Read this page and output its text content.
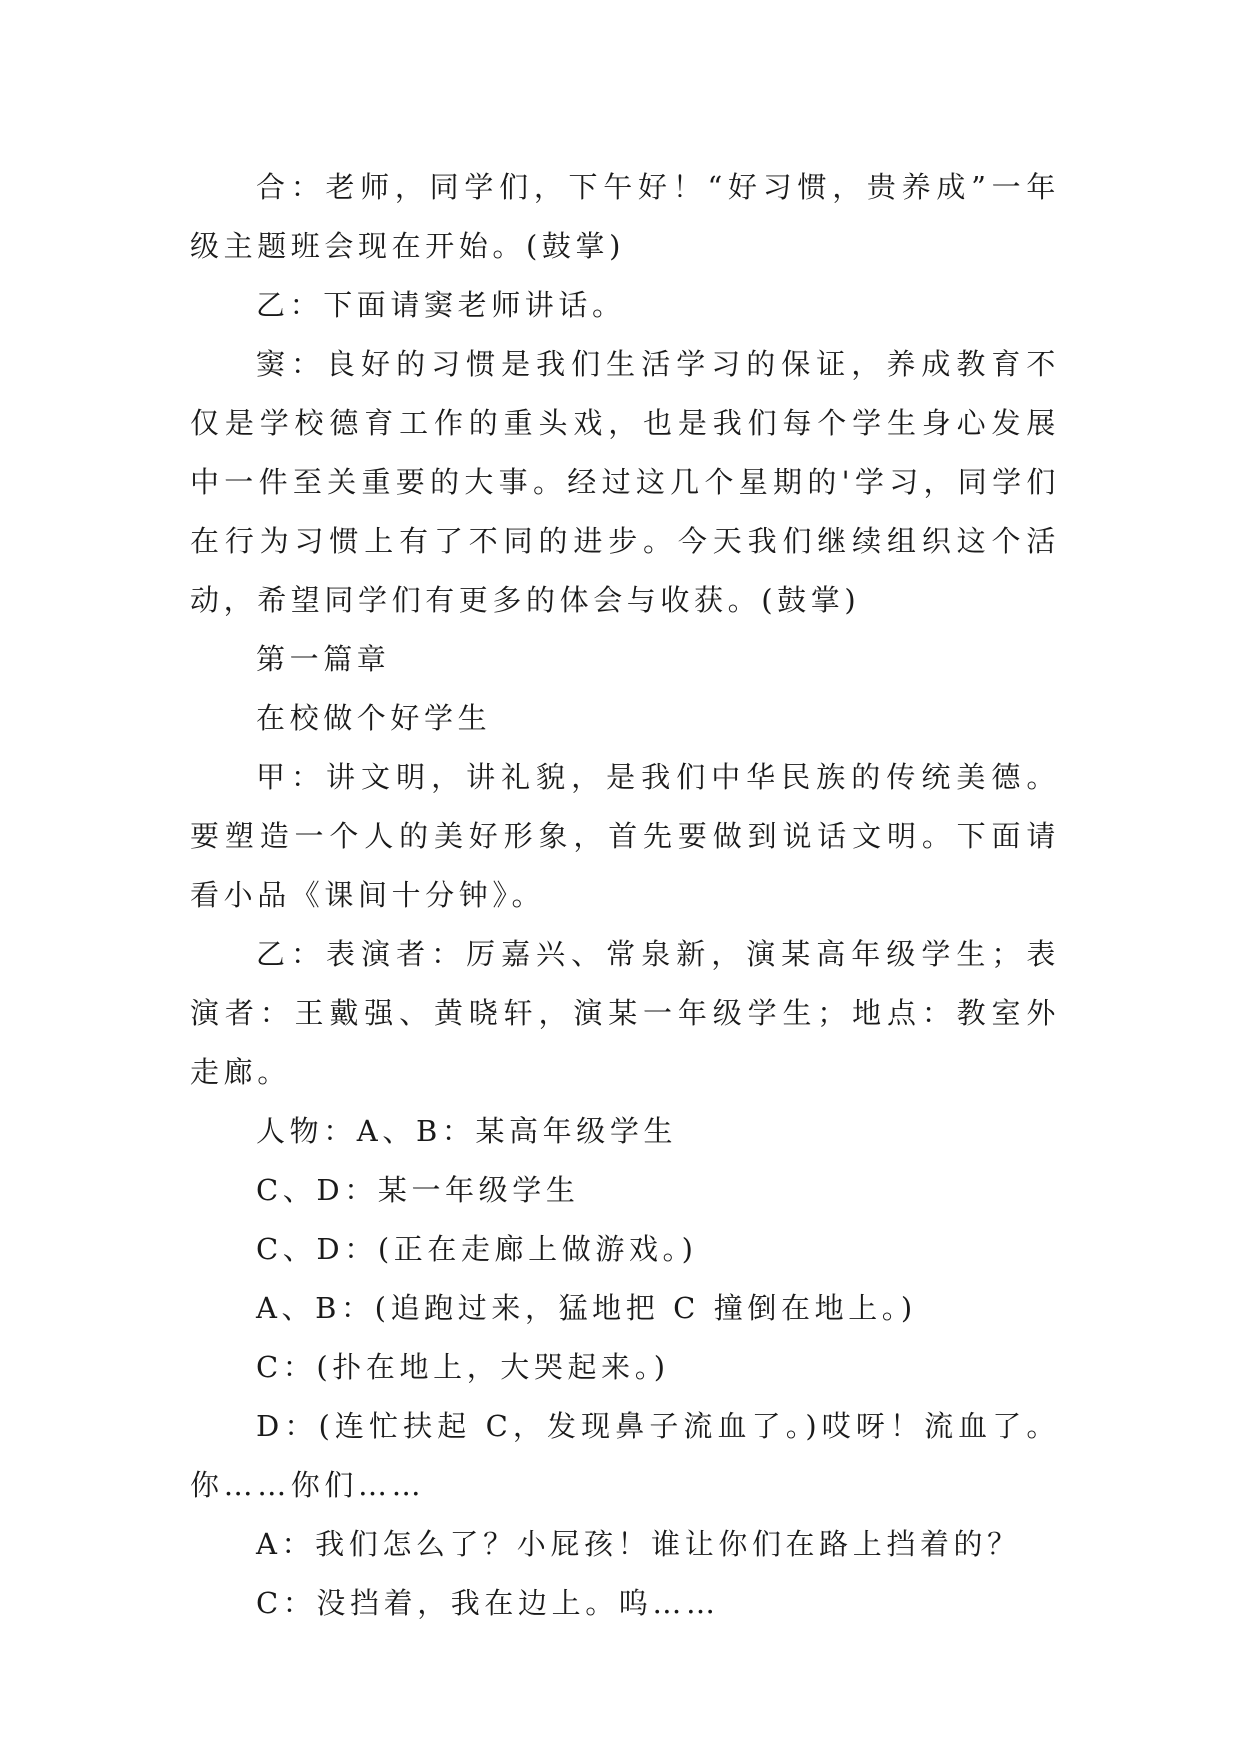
合：老师，同学们，下午好！“好习惯，贵养成”一年级主题班会现在开始。(鼓掌)

乙：下面请窦老师讲话。

窦：良好的习惯是我们生活学习的保证，养成教育不仅是学校德育工作的重头戏，也是我们每个学生身心发展中一件至关重要的大事。经过这几个星期的'学习，同学们在行为习惯上有了不同的进步。今天我们继续组织这个活动，希望同学们有更多的体会与收获。(鼓掌)

第一篇章

在校做个好学生

甲：讲文明，讲礼貌，是我们中华民族的传统美德。要塑造一个人的美好形象，首先要做到说话文明。下面请看小品《课间十分钟》。

乙：表演者：厉嘉兴、常泉新，演某高年级学生；表演者：王戴强、黄晓轩，演某一年级学生；地点：教室外走廊。

人物：A、B：某高年级学生

C、D：某一年级学生

C、D：(正在走廊上做游戏。)

A、B：(追跑过来，猛地把 C 撞倒在地上。)

C：(扑在地上，大哭起来。)

D：(连忙扶起 C，发现鼻子流血了。)哎呀！流血了。你……你们……

A：我们怎么了？小屁孩！谁让你们在路上挡着的？

C：没挡着，我在边上。呜……
